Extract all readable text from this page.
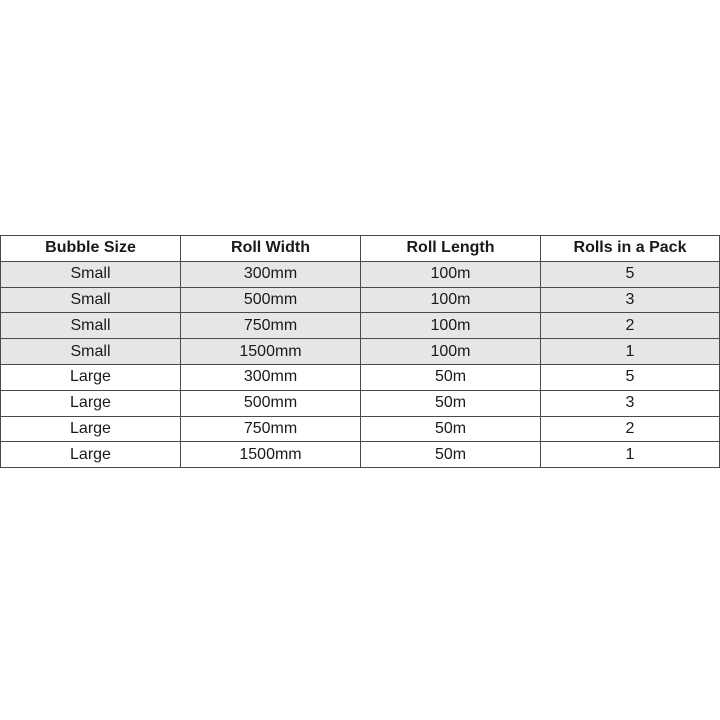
Bubble Size	Roll Width	Roll Length	Rolls in a Pack
Small	300mm	100m	5
Small	500mm	100m	3
Small	750mm	100m	2
Small	1500mm	100m	1
Large	300mm	50m	5
Large	500mm	50m	3
Large	750mm	50m	2
Large	1500mm	50m	1
